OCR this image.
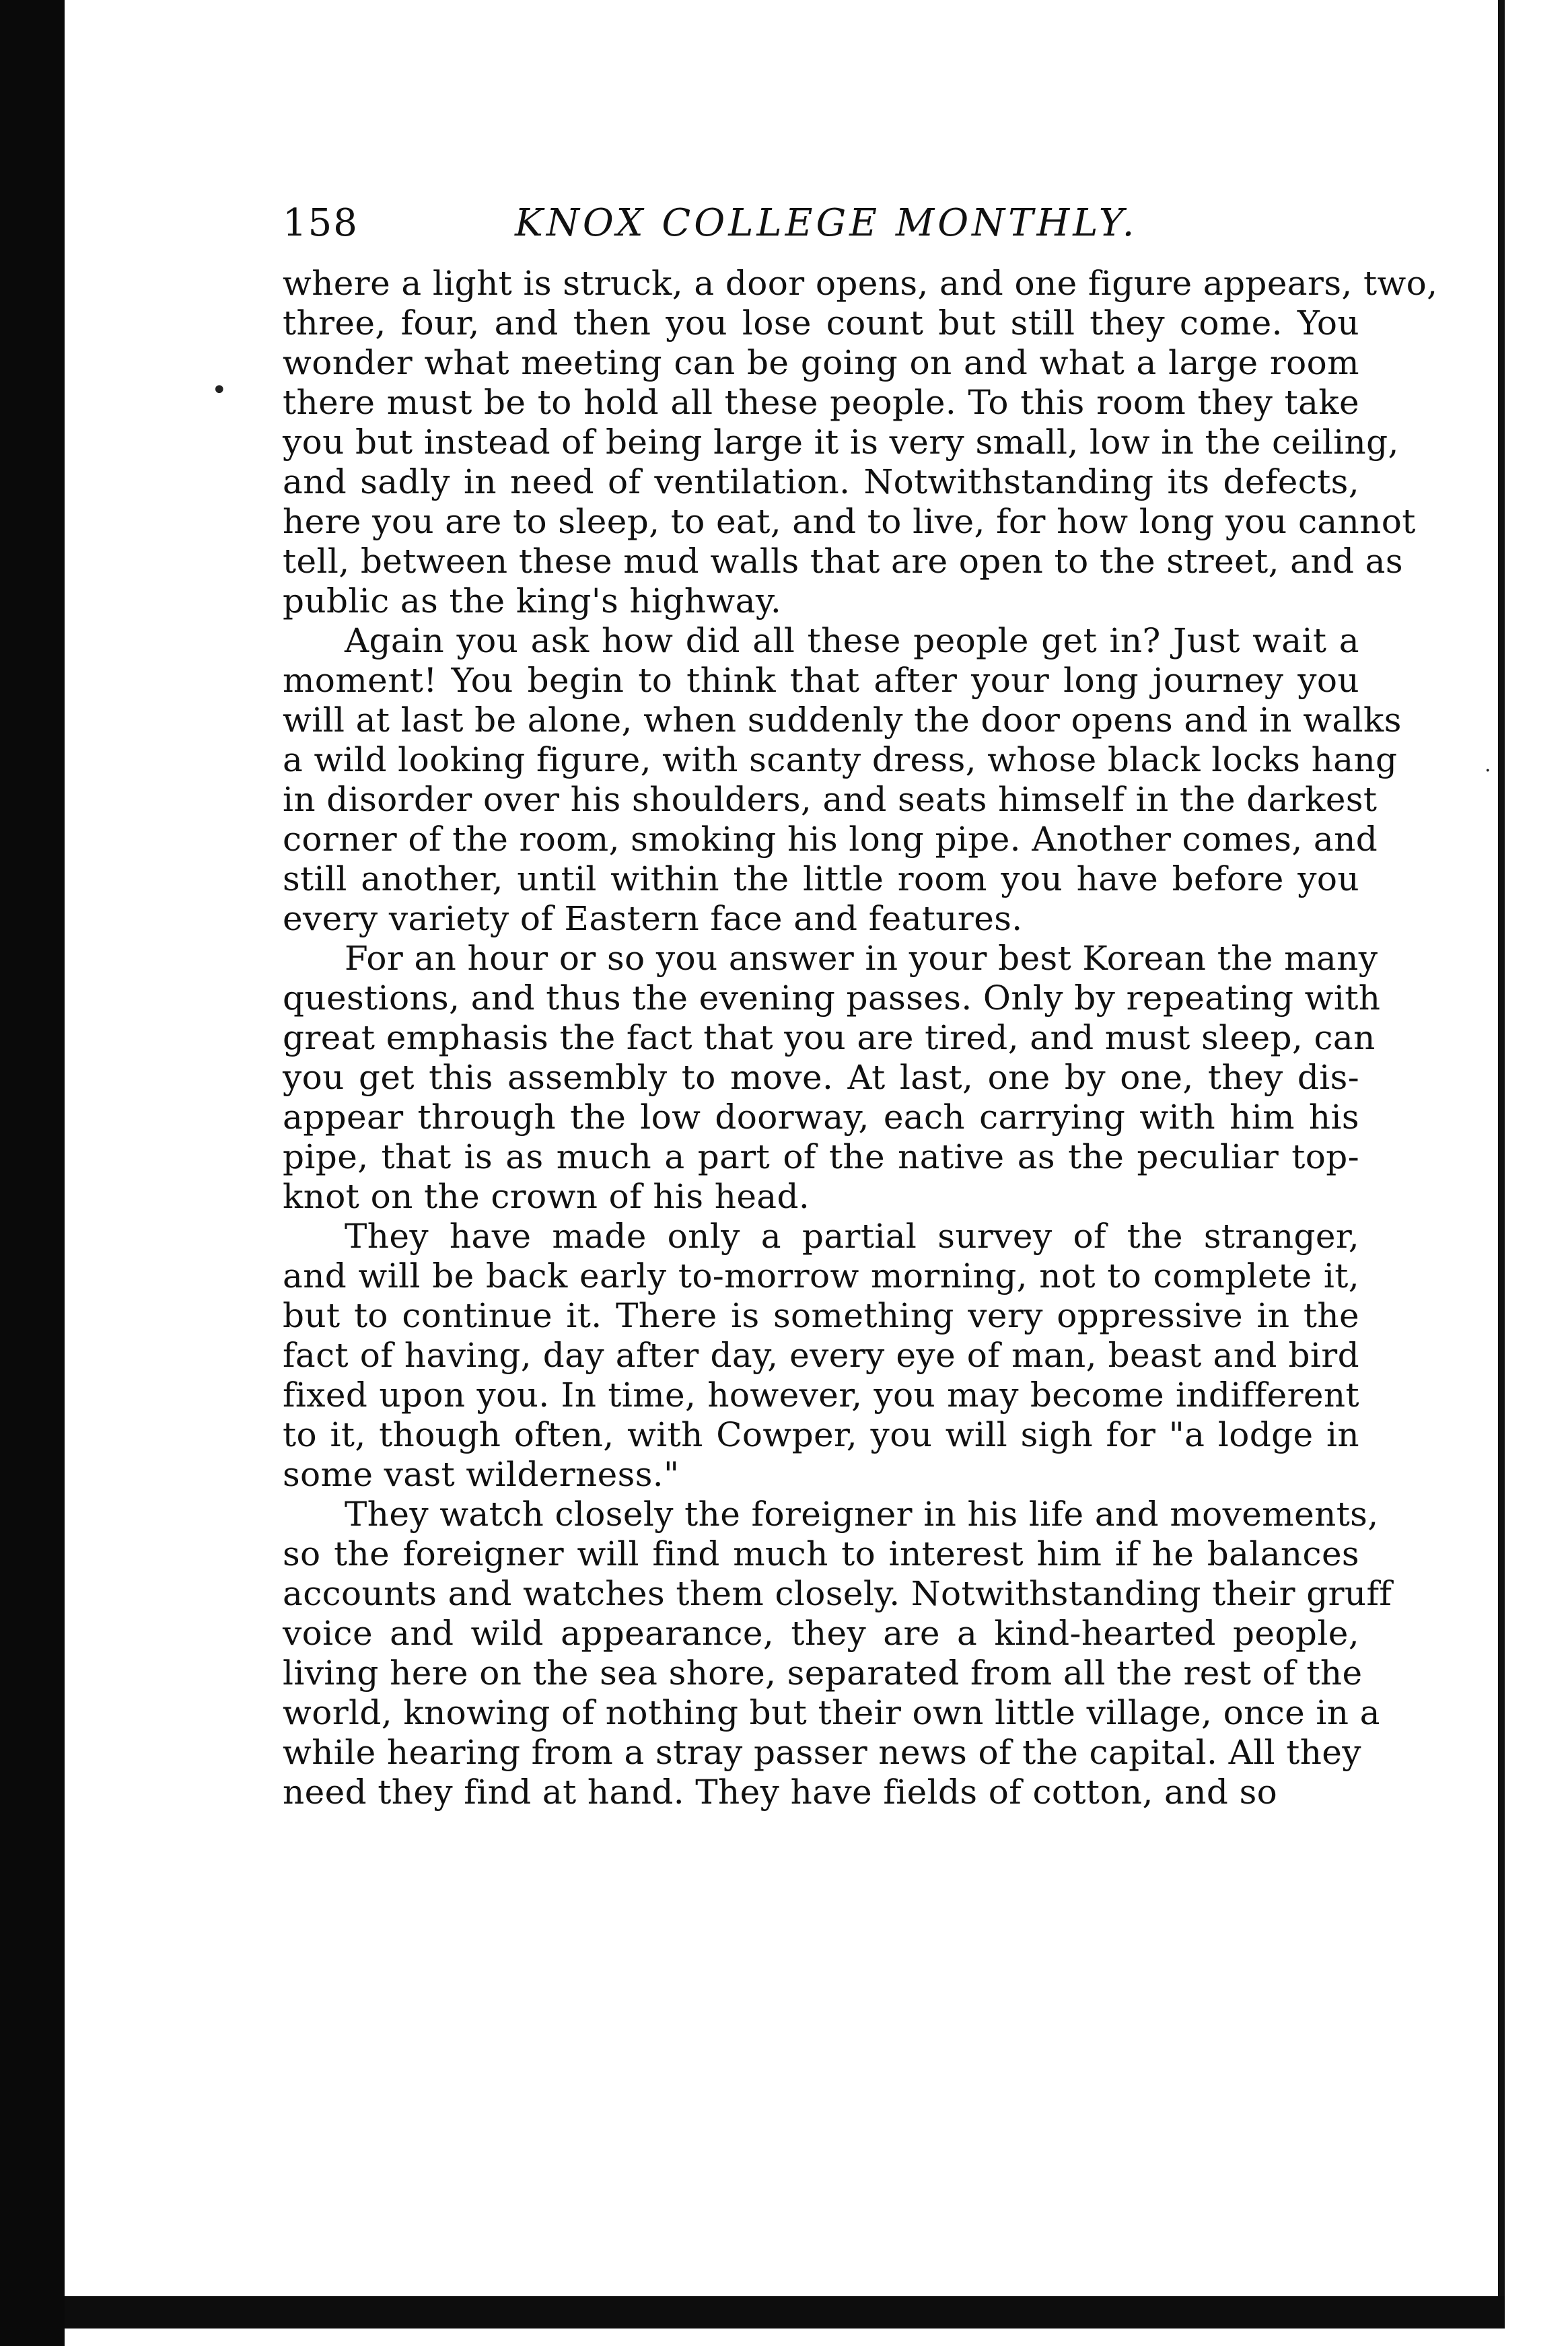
•
·
158	KNOX COLLEGE MONTHLY.
where a light is struck, a door opens, and one figure appears, two,
three, four, and then you lose count but still they come. You
wonder what meeting can be going on and what a large room
there must be to hold all these people. To this room they take
you but instead of being large it is very small, low in the ceiling,
and sadly in need of ventilation. Notwithstanding its defects,
here you are to sleep, to eat, and to live, for how long you cannot
tell, between these mud walls that are open to the street, and as
public as the king's highway.
Again you ask how did all these people get in? Just wait a
moment! You begin to think that after your long journey you
will at last be alone, when suddenly the door opens and in walks
a wild looking figure, with scanty dress, whose black locks hang
in disorder over his shoulders, and seats himself in the darkest
corner of the room, smoking his long pipe. Another comes, and
still another, until within the little room you have before you
every variety of Eastern face and features.
For an hour or so you answer in your best Korean the many
questions, and thus the evening passes. Only by repeating with
great emphasis the fact that you are tired, and must sleep, can
you get this assembly to move. At last, one by one, they dis-
appear through the low doorway, each carrying with him his
pipe, that is as much a part of the native as the peculiar top-
knot on the crown of his head.
They have made only a partial survey of the stranger,
and will be back early to-morrow morning, not to complete it,
but to continue it. There is something very oppressive in the
fact of having, day after day, every eye of man, beast and bird
fixed upon you. In time, however, you may become indifferent
to it, though often, with Cowper, you will sigh for "a lodge in
some vast wilderness."
They watch closely the foreigner in his life and movements,
so the foreigner will find much to interest him if he balances
accounts and watches them closely. Notwithstanding their gruff
voice and wild appearance, they are a kind-hearted people,
living here on the sea shore, separated from all the rest of the
world, knowing of nothing but their own little village, once in a
while hearing from a stray passer news of the capital. All they
need they find at hand. They have fields of cotton, and so
